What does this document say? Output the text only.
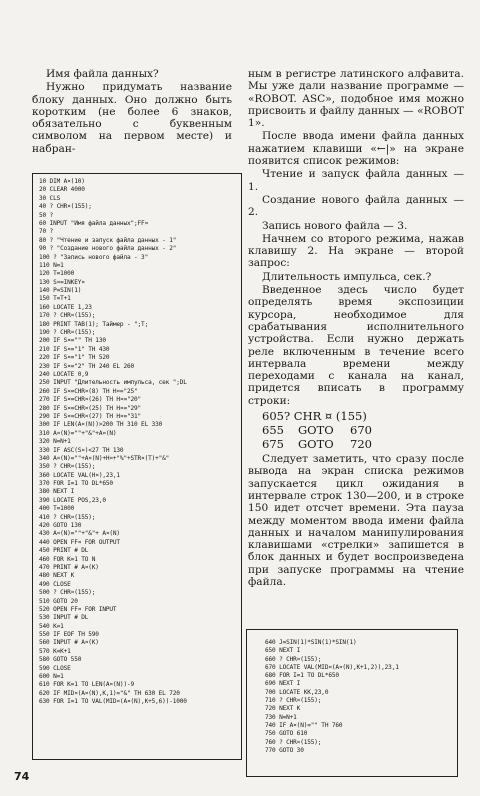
Имя файла данных?

Нужно придумать название блоку данных. Оно должно быть коротким (не более 6 знаков, обязательно с буквенным символом на первом месте) и набран-

10 DIM A¤(10)
20 CLEAR 4000
30 CLS
40 ? CHR¤(155);
50 ?
60 INPUT "Имя файла данных";FF¤
70 ?
80 ? "Чтение и запуск файла данных - 1"
90 ? "Создание нового файла данных - 2"
100 ? "Запись нового файла - 3"
110 N=1
120 T=1000
130 S¤=INKEY¤
140 P=SIN(1)
150 T=T+1
160 LOCATE 1,23
170 ? CHR¤(155);
180 PRINT TAB(1); Таймер - ";T;
190 ? CHR¤(155);
200 IF S¤="" TH 130
210 IF S¤="1" TH 430
220 IF S¤="1" TH 520
230 IF S¤="2" TH 240 EL 260
240 LOCATE 0,9
250 INPUT "Длительность импульса, сек ";DL
260 IF S¤=CHR¤(8) TH H¤="25"
270 IF S¤=CHR¤(26) TH H¤="20"
280 IF S¤=CHR¤(25) TH H¤="29"
290 IF S¤=CHR¤(27) TH H¤="31"
300 IF LEN(A¤(N))>200 TH 310 EL 330
310 A¤(N)=""+"&"+A¤(N)
320 N=N+1
330 IF ASC(S¤)<27 TH 130
340 A¤(N)=""+A¤(N)+H¤+"%"+STR¤(T)+"&"
350 ? CHR¤(155);
360 LOCATE VAL(H¤),23,1
370 FOR I=1 TO DL*650
380 NEXT I
390 LOCATE POS,23,0
400 T=1000
410 ? CHR¤(155);
420 GOTO 130
430 A¤(N)=""+"&"+ A¤(N)
440 OPEN FF¤ FOR OUTPUT
450 PRINT # DL
460 FOR K=1 TO N
470 PRINT # A¤(K)
480 NEXT K
490 CLOSE
500 ? CHR¤(155);
510 GOTO 20
520 OPEN FF¤ FOR INPUT
530 INPUT # DL
540 K=1
550 IF EOF TH 590
560 INPUT # A¤(K)
570 K=K+1
580 GOTO 550
590 CLOSE
600 N=1
610 FOR K=1 TO LEN(A¤(N))-9
620 IF MID¤(A¤(N),K,1)="&" TH 630 EL 720
630 FOR I=1 TO VAL(MID¤(A¤(N),K+5,6))-1000

ным в регистре латинского алфавита. Мы уже дали название программе — «ROBOT. ASC», подобное имя можно присвоить и файлу данных — «ROBOT 1».

После ввода имени файла данных нажатием клавиши «←|» на экране появится список режимов:

Чтение и запуск файла данных — 1.

Создание нового файла данных — 2.

Запись нового файла — 3.

Начнем со второго режима, нажав клавишу 2. На экране — второй запрос:

Длительность импульса, сек.?

Введенное здесь число будет определять время экспозиции курсора, необходимое для срабатывания исполнительного устройства. Если нужно держать реле включенным в течение всего интервала времени между переходами с канала на канал, придется вписать в программу строки:

605? CHR ¤ (155)
655	GOTO	670
675	GOTO	720

Следует заметить, что сразу после вывода на экран списка режимов запускается цикл ожидания в интервале строк 130—200, и в строке 150 идет отсчет времени. Эта пауза между моментом ввода имени файла данных и началом манипулирования клавишами «стрелки» запишется в блок данных и будет воспроизведена при запуске программы на чтение файла.

640 J=SIN(1)*SIN(1)*SIN(1)
650 NEXT I
660 ? CHR¤(155);
670 LOCATE VAL(MID¤(A¤(N),K+1,2)),23,1
680 FOR I=1 TO DL*650
690 NEXT I
700 LOCATE KK,23,0
710 ? CHR¤(155);
720 NEXT K
730 N=N+1
740 IF A¤(N)="" TH 760
750 GOTO 610
760 ? CHR¤(155);
770 GOTO 30
74
